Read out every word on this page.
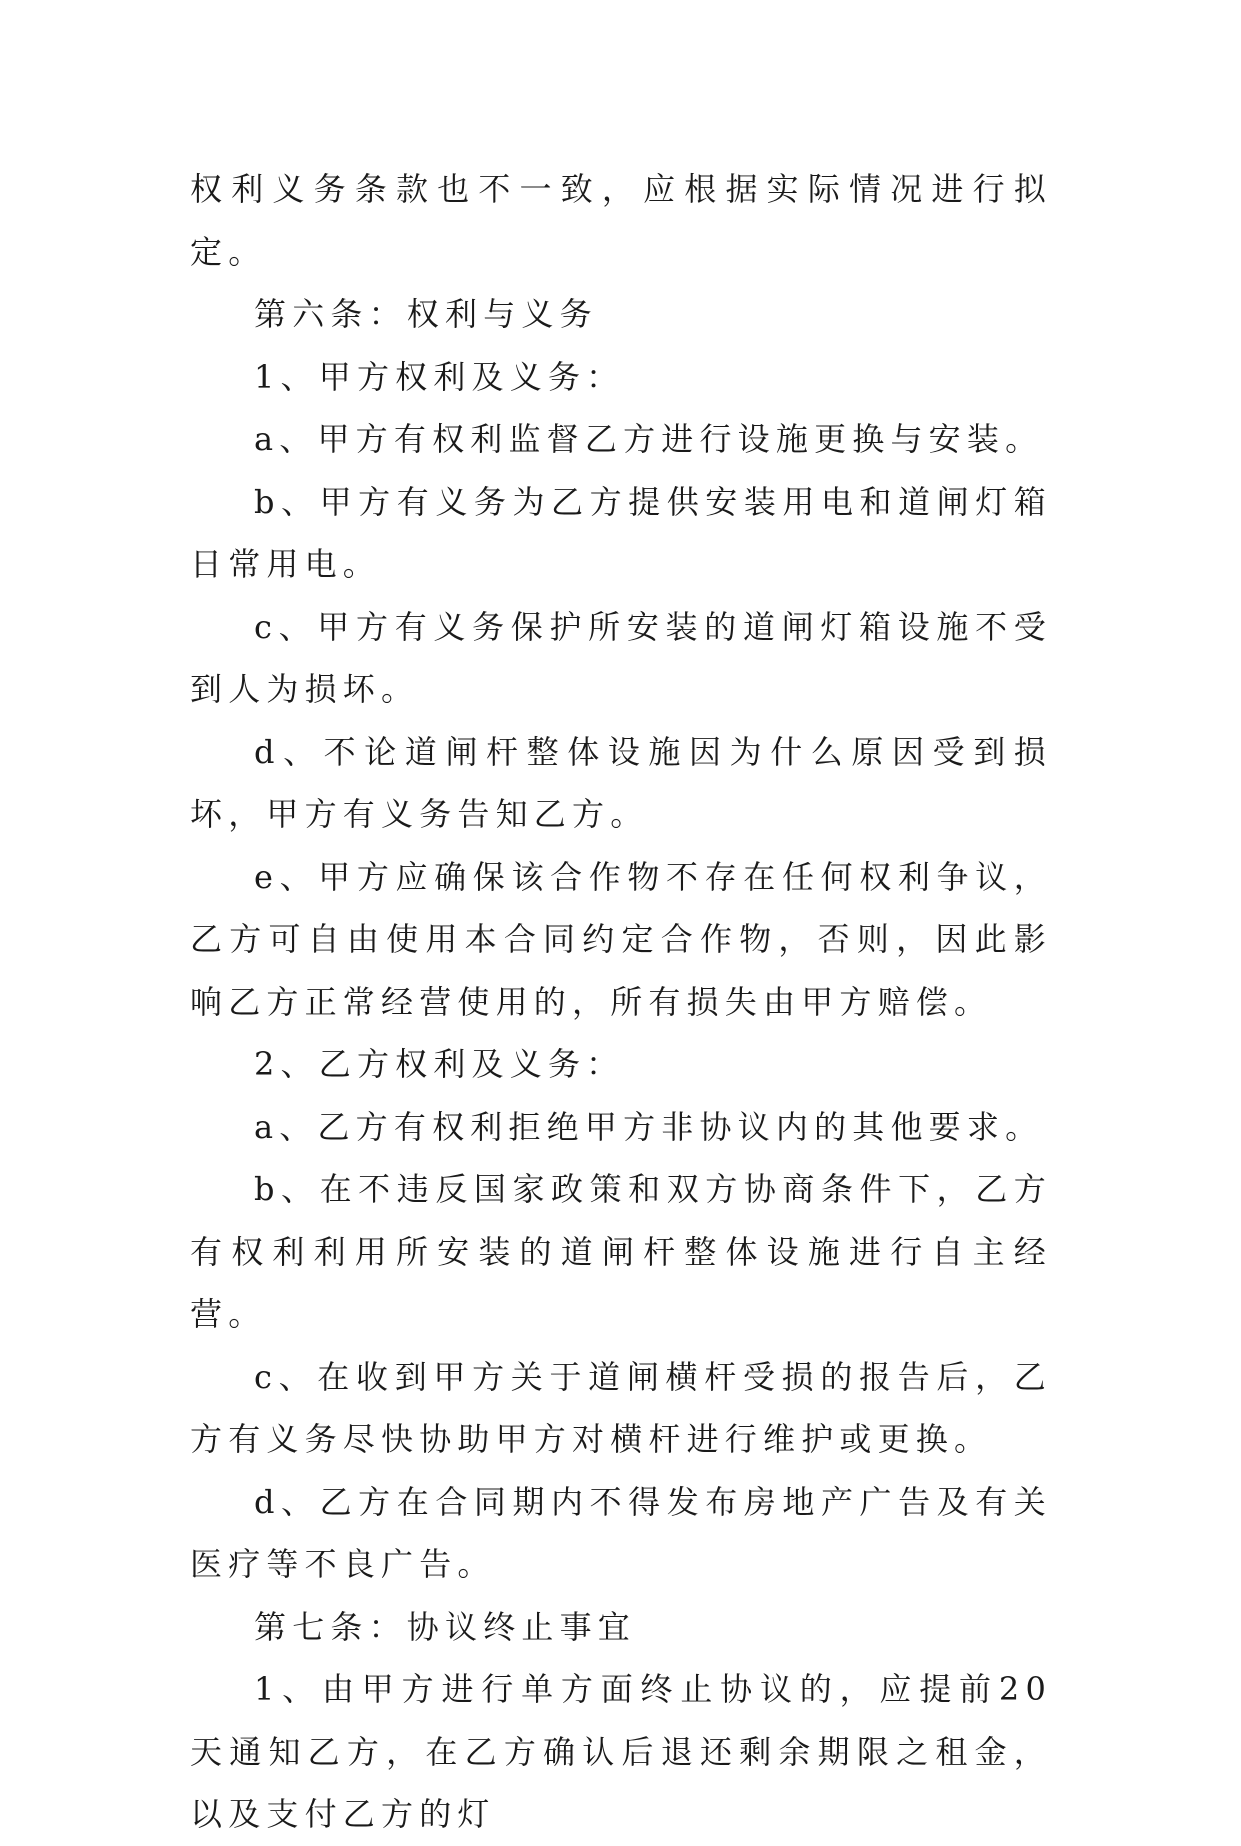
权利义务条款也不一致，应根据实际情况进行拟定。

第六条：权利与义务

1、甲方权利及义务：

a、甲方有权利监督乙方进行设施更换与安装。

b、甲方有义务为乙方提供安装用电和道闸灯箱日常用电。

c、甲方有义务保护所安装的道闸灯箱设施不受到人为损坏。

d、不论道闸杆整体设施因为什么原因受到损坏，甲方有义务告知乙方。

e、甲方应确保该合作物不存在任何权利争议，乙方可自由使用本合同约定合作物，否则，因此影响乙方正常经营使用的，所有损失由甲方赔偿。

2、乙方权利及义务：

a、乙方有权利拒绝甲方非协议内的其他要求。

b、在不违反国家政策和双方协商条件下，乙方有权利利用所安装的道闸杆整体设施进行自主经营。

c、在收到甲方关于道闸横杆受损的报告后，乙方有义务尽快协助甲方对横杆进行维护或更换。

d、乙方在合同期内不得发布房地产广告及有关医疗等不良广告。

第七条：协议终止事宜

1、由甲方进行单方面终止协议的，应提前20天通知乙方，在乙方确认后退还剩余期限之租金，以及支付乙方的灯
